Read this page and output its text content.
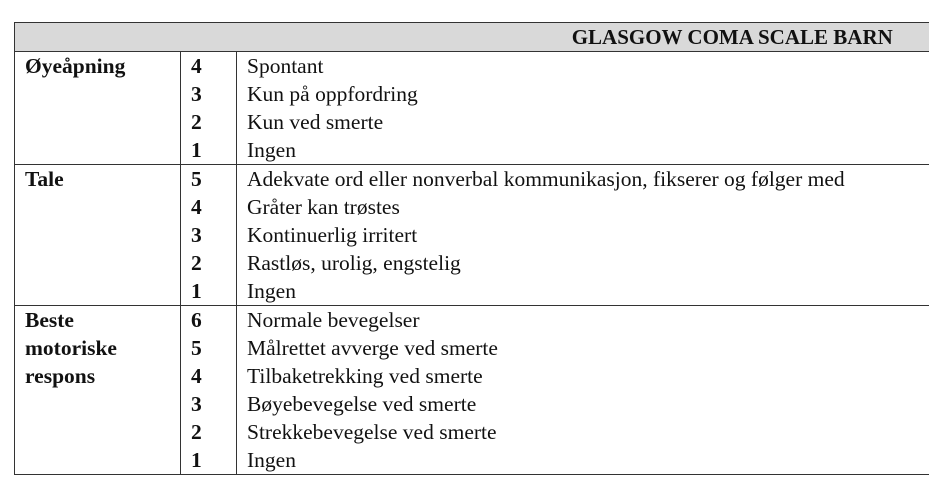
GLASGOW COMA SCALE BARN		

Øyeåpning	4	Spontant
	3	Kun på oppfordring
	2	Kun ved smerte
	1	Ingen

Tale	5	Adekvate ord eller nonverbal kommunikasjon, fikserer og følger med
	4	Gråter kan trøstes
	3	Kontinuerlig irritert
	2	Rastløs, urolig, engstelig
	1	Ingen

Beste
motoriske
respons	6	Normale bevegelser
	5	Målrettet avverge ved smerte
	4	Tilbaketrekking ved smerte
	3	Bøyebevegelse ved smerte
	2	Strekkebevegelse ved smerte
	1	Ingen
